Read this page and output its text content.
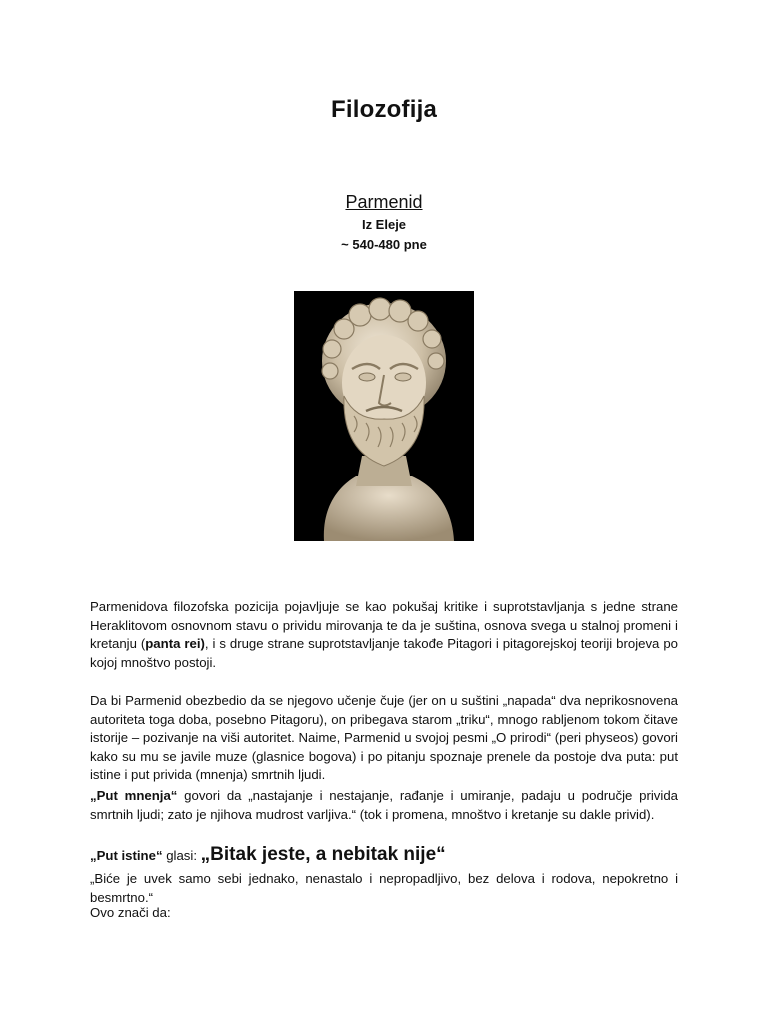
Filozofija
Parmenid
Iz Eleje
~ 540-480 pne
Parmenidova filozofska pozicija pojavljuje se kao pokušaj kritike i suprotstavljanja s jedne strane Heraklitovom osnovnom stavu o prividu mirovanja te da je suština, osnova svega u stalnoj promeni i kretanju (panta rei), i s druge strane suprotstavljanje takođe Pitagori i pitagorejskoj teoriji brojeva po kojoj mnoštvo postoji.
Da bi Parmenid obezbedio da se njegovo učenje čuje (jer on u suštini „napada“ dva neprikosnovena autoriteta toga doba, posebno Pitagoru), on pribegava starom „triku“, mnogo rabljenom tokom čitave istorije – pozivanje na viši autoritet. Naime, Parmenid u svojoj pesmi „O prirodi“ (peri physeos) govori kako su mu se javile muze (glasnice bogova) i po pitanju spoznaje prenele da postoje dva puta: put istine i put privida (mnenja) smrtnih ljudi.
„Put mnenja“ govori da „nastajanje i nestajanje, rađanje i umiranje, padaju u područje privida smrtnih ljudi; zato je njihova mudrost varljiva.“ (tok i promena, mnoštvo i kretanje su dakle privid).
„Put istine“ glasi: „Bitak jeste, a nebitak nije“
„Biće je uvek samo sebi jednako, nenastalo i nepropadljivo, bez delova i rodova, nepokretno i besmrtno.“
Ovo znači da:
